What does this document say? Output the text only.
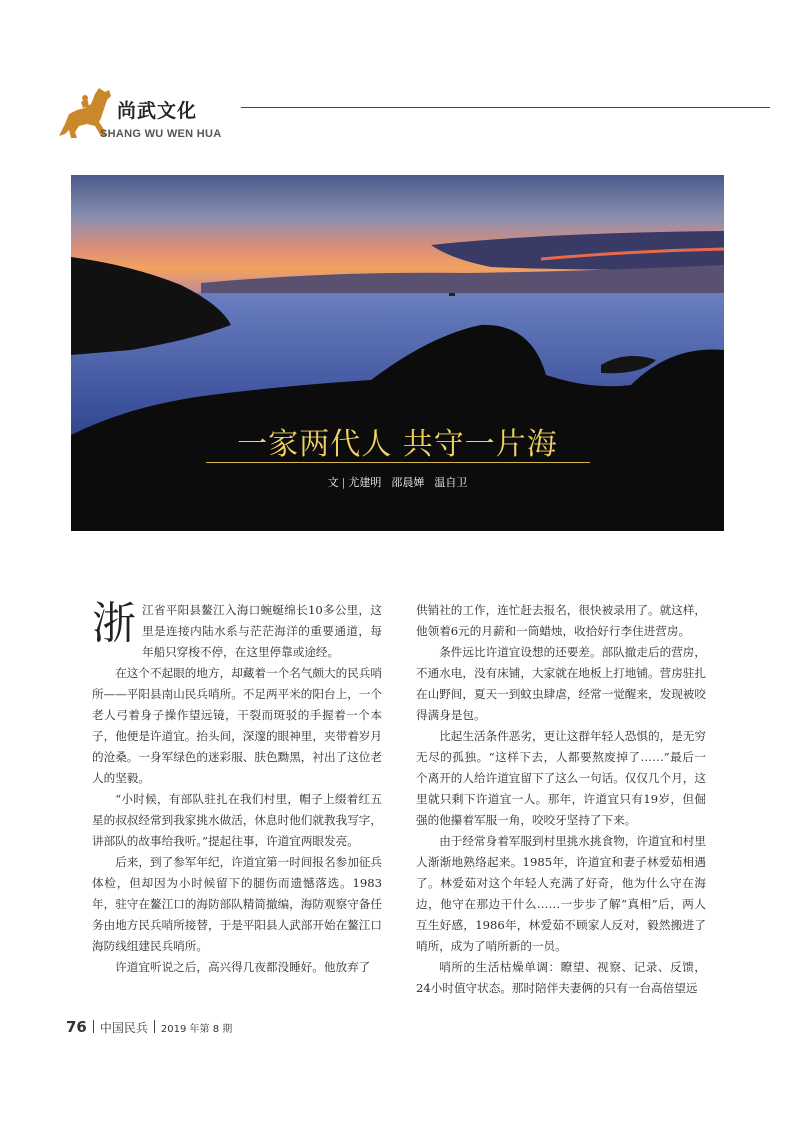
尚武文化
SHANG WU WEN HUA
一家两代人 共守一片海
文 | 尤建明 邵晨婵 温自卫

浙江省平阳县鳌江入海口蜿蜒绵长10多公里，这里是连接内陆水系与茫茫海洋的重要通道，每年船只穿梭不停，在这里停靠或途经。

在这个不起眼的地方，却藏着一个名气颇大的民兵哨所——平阳县南山民兵哨所。不足两平米的阳台上，一个老人弓着身子操作望远镜，干裂而斑驳的手握着一个本子，他便是许道宜。抬头间，深邃的眼神里，夹带着岁月的沧桑。一身军绿色的迷彩服、肤色黝黑，衬出了这位老人的坚毅。

“小时候，有部队驻扎在我们村里，帽子上缀着红五星的叔叔经常到我家挑水做活，休息时他们就教我写字，讲部队的故事给我听。”提起往事，许道宜两眼发亮。

后来，到了参军年纪，许道宜第一时间报名参加征兵体检，但却因为小时候留下的腿伤而遗憾落选。1983年，驻守在鳌江口的海防部队精简撤编，海防观察守备任务由地方民兵哨所接替，于是平阳县人武部开始在鳌江口海防线组建民兵哨所。

许道宜听说之后，高兴得几夜都没睡好。他放弃了

供销社的工作，连忙赶去报名，很快被录用了。就这样，他领着6元的月薪和一筒蜡烛，收拾好行李住进营房。

条件远比许道宜设想的还要差。部队撤走后的营房，不通水电，没有床铺，大家就在地板上打地铺。营房驻扎在山野间，夏天一到蚊虫肆虐，经常一觉醒来，发现被咬得满身是包。

比起生活条件恶劣，更让这群年轻人恐惧的，是无穷无尽的孤独。“这样下去，人都要熬废掉了……”最后一个离开的人给许道宜留下了这么一句话。仅仅几个月，这里就只剩下许道宜一人。那年，许道宜只有19岁，但倔强的他攥着军服一角，咬咬牙坚持了下来。

由于经常身着军服到村里挑水挑食物，许道宜和村里人渐渐地熟络起来。1985年，许道宜和妻子林爱茹相遇了。林爱茹对这个年轻人充满了好奇，他为什么守在海边，他守在那边干什么……一步步了解“真相”后，两人互生好感，1986年，林爱茹不顾家人反对，毅然搬进了哨所，成为了哨所新的一员。

哨所的生活枯燥单调：瞭望、视察、记录、反馈，24小时值守状态。那时陪伴夫妻俩的只有一台高倍望远

76 中国民兵 2019 年第 8 期
